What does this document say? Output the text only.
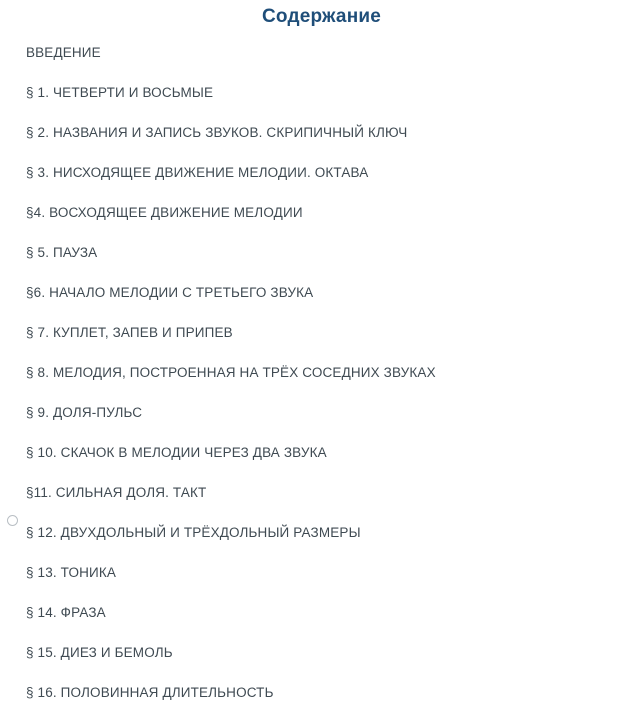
Содержание
ВВЕДЕНИЕ
§ 1. ЧЕТВЕРТИ И ВОСЬМЫЕ
§ 2. НАЗВАНИЯ И ЗАПИСЬ ЗВУКОВ. СКРИПИЧНЫЙ КЛЮЧ
§ 3. НИСХОДЯЩЕЕ ДВИЖЕНИЕ МЕЛОДИИ. ОКТАВА
§4. ВОСХОДЯЩЕЕ ДВИЖЕНИЕ МЕЛОДИИ
§ 5. ПАУЗА
§6. НАЧАЛО МЕЛОДИИ С ТРЕТЬЕГО ЗВУКА
§ 7. КУПЛЕТ, ЗАПЕВ И ПРИПЕВ
§ 8. МЕЛОДИЯ, ПОСТРОЕННАЯ НА ТРЁХ СОСЕДНИХ ЗВУКАХ
§ 9. ДОЛЯ-ПУЛЬС
§ 10. СКАЧОК В МЕЛОДИИ ЧЕРЕЗ ДВА ЗВУКА
§11. СИЛЬНАЯ ДОЛЯ. ТАКТ
§ 12. ДВУХДОЛЬНЫЙ И ТРЁХДОЛЬНЫЙ РАЗМЕРЫ
§ 13. ТОНИКА
§ 14. ФРАЗА
§ 15. ДИЕЗ И БЕМОЛЬ
§ 16. ПОЛОВИННАЯ ДЛИТЕЛЬНОСТЬ
